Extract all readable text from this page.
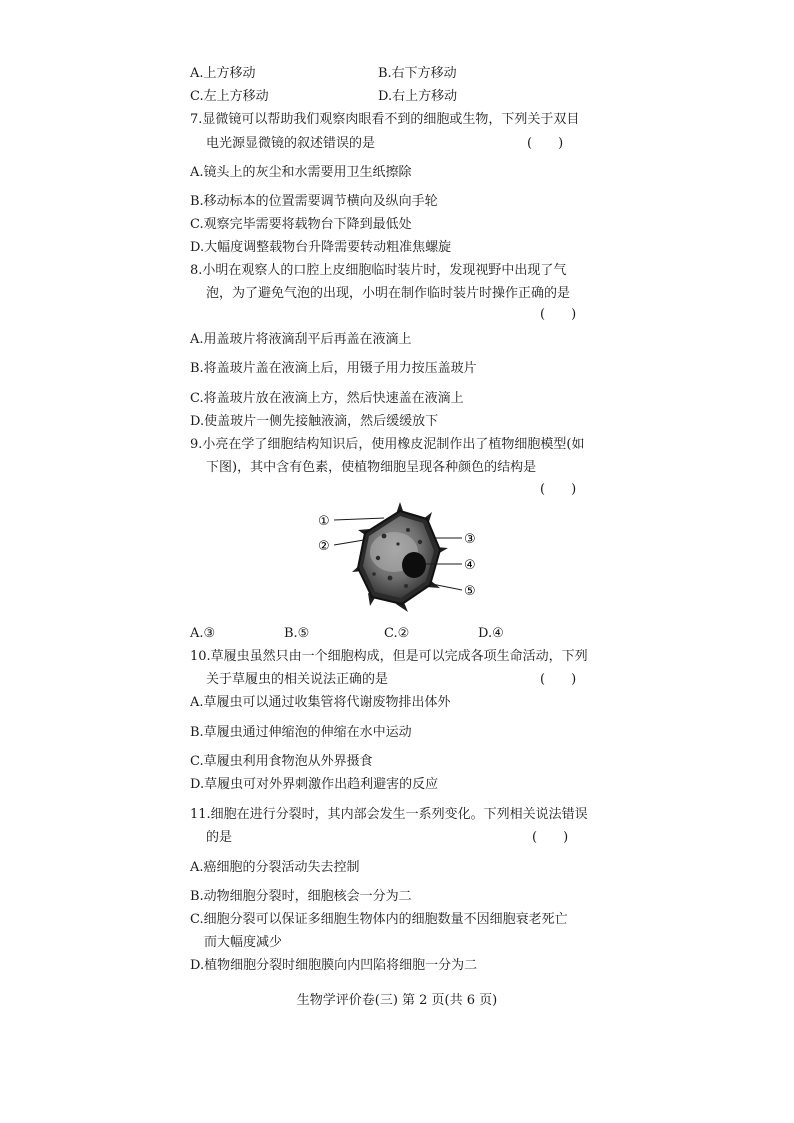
A.上方移动	B.右下方移动
C.左上方移动	D.右上方移动
7.显微镜可以帮助我们观察肉眼看不到的细胞或生物，下列关于双目
电光源显微镜的叙述错误的是	(　　)
A.镜头上的灰尘和水需要用卫生纸擦除
B.移动标本的位置需要调节横向及纵向手轮
C.观察完毕需要将载物台下降到最低处
D.大幅度调整载物台升降需要转动粗准焦螺旋
8.小明在观察人的口腔上皮细胞临时装片时，发现视野中出现了气
泡，为了避免气泡的出现，小明在制作临时装片时操作正确的是
(　　)
A.用盖玻片将液滴刮平后再盖在液滴上
B.将盖玻片盖在液滴上后，用镊子用力按压盖玻片
C.将盖玻片放在液滴上方，然后快速盖在液滴上
D.使盖玻片一侧先接触液滴，然后缓缓放下
9.小亮在学了细胞结构知识后，使用橡皮泥制作出了植物细胞模型(如
下图)，其中含有色素，使植物细胞呈现各种颜色的结构是
(　　)
①
②	③
④
⑤
A.③	B.⑤	C.②	D.④
10.草履虫虽然只由一个细胞构成，但是可以完成各项生命活动，下列
关于草履虫的相关说法正确的是	(　　)
A.草履虫可以通过收集管将代谢废物排出体外
B.草履虫通过伸缩泡的伸缩在水中运动
C.草履虫利用食物泡从外界摄食
D.草履虫可对外界刺激作出趋利避害的反应
11.细胞在进行分裂时，其内部会发生一系列变化。下列相关说法错误
的是	(　　)
A.癌细胞的分裂活动失去控制
B.动物细胞分裂时，细胞核会一分为二
C.细胞分裂可以保证多细胞生物体内的细胞数量不因细胞衰老死亡
而大幅度减少
D.植物细胞分裂时细胞膜向内凹陷将细胞一分为二
生物学评价卷(三) 第 2 页(共 6 页)
